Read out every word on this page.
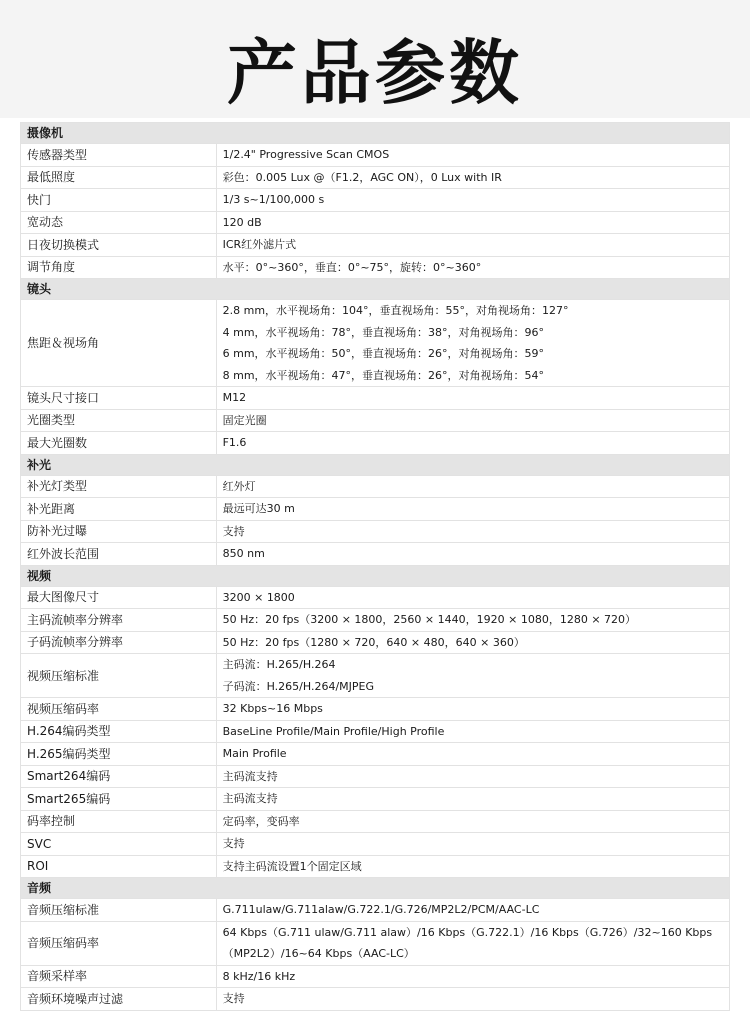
产品参数
摄像机	
传感器类型	1/2.4" Progressive Scan CMOS

最低照度	彩色：0.005 Lux @（F1.2，AGC ON），0 Lux with IR

快门	1/3 s~1/100,000 s

宽动态	120 dB

日夜切换模式	ICR红外滤片式

调节角度	水平：0°~360°，垂直：0°~75°，旋转：0°~360°

镜头	
焦距＆视场角	2.8 mm，水平视场角：104°，垂直视场角：55°，对角视场角：127°
4 mm，水平视场角：78°，垂直视场角：38°，对角视场角：96°
6 mm，水平视场角：50°，垂直视场角：26°，对角视场角：59°
8 mm，水平视场角：47°，垂直视场角：26°，对角视场角：54°

镜头尺寸接口	M12

光圈类型	固定光圈

最大光圈数	F1.6

补光	
补光灯类型	红外灯

补光距离	最远可达30 m

防补光过曝	支持

红外波长范围	850 nm

视频	
最大图像尺寸	3200 × 1800

主码流帧率分辨率	50 Hz：20 fps（3200 × 1800，2560 × 1440，1920 × 1080，1280 × 720）

子码流帧率分辨率	50 Hz：20 fps（1280 × 720，640 × 480，640 × 360）

视频压缩标准	主码流：H.265/H.264
子码流：H.265/H.264/MJPEG

视频压缩码率	32 Kbps~16 Mbps

H.264编码类型	BaseLine Profile/Main Profile/High Profile

H.265编码类型	Main Profile

Smart264编码	主码流支持

Smart265编码	主码流支持

码率控制	定码率，变码率

SVC	支持

ROI	支持主码流设置1个固定区域

音频	
音频压缩标准	G.711ulaw/G.711alaw/G.722.1/G.726/MP2L2/PCM/AAC-LC

音频压缩码率	64 Kbps（G.711 ulaw/G.711 alaw）/16 Kbps（G.722.1）/16 Kbps（G.726）/32~160 Kbps
（MP2L2）/16~64 Kbps（AAC-LC）

音频采样率	8 kHz/16 kHz

音频环境噪声过滤	支持
